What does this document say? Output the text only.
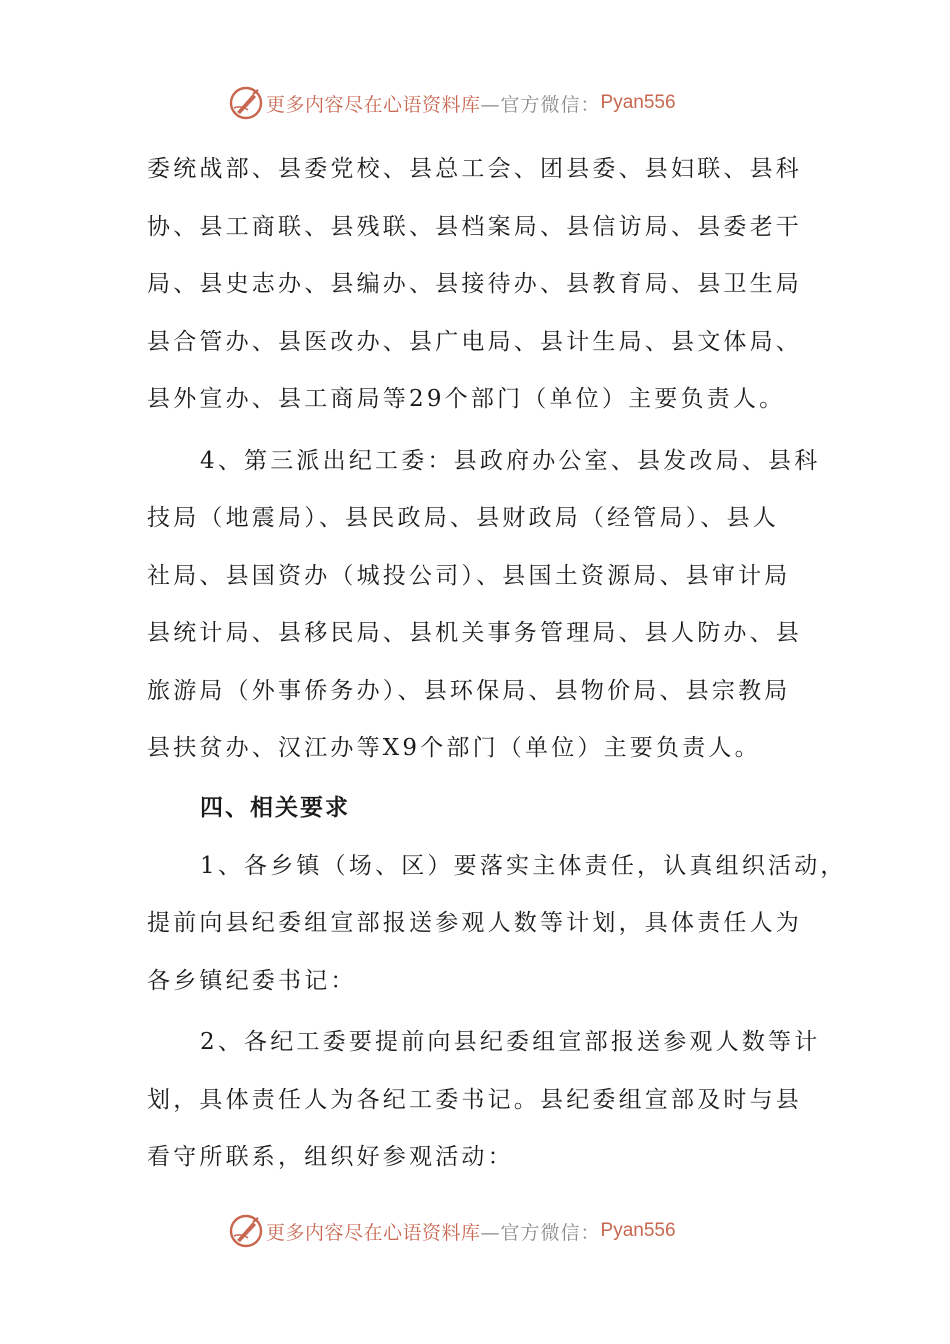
更多内容尽在心语资料库 —官方微信： Pyan556
委统战部、县委党校、县总工会、团县委、县妇联、县科
协、县工商联、县残联、县档案局、县信访局、县委老干
局、县史志办、县编办、县接待办、县教育局、县卫生局
县合管办、县医改办、县广电局、县计生局、县文体局、
县外宣办、县工商局等29个部门（单位）主要负责人。
4、第三派出纪工委：县政府办公室、县发改局、县科
技局（地震局）、县民政局、县财政局（经管局）、县人
社局、县国资办（城投公司）、县国土资源局、县审计局
县统计局、县移民局、县机关事务管理局、县人防办、县
旅游局（外事侨务办）、县环保局、县物价局、县宗教局
县扶贫办、汉江办等X9个部门（单位）主要负责人。
四、相关要求
1、各乡镇（场、区）要落实主体责任，认真组织活动，
提前向县纪委组宣部报送参观人数等计划，具体责任人为
各乡镇纪委书记：
2、各纪工委要提前向县纪委组宣部报送参观人数等计
划，具体责任人为各纪工委书记。县纪委组宣部及时与县
看守所联系，组织好参观活动：
更多内容尽在心语资料库 —官方微信： Pyan556
